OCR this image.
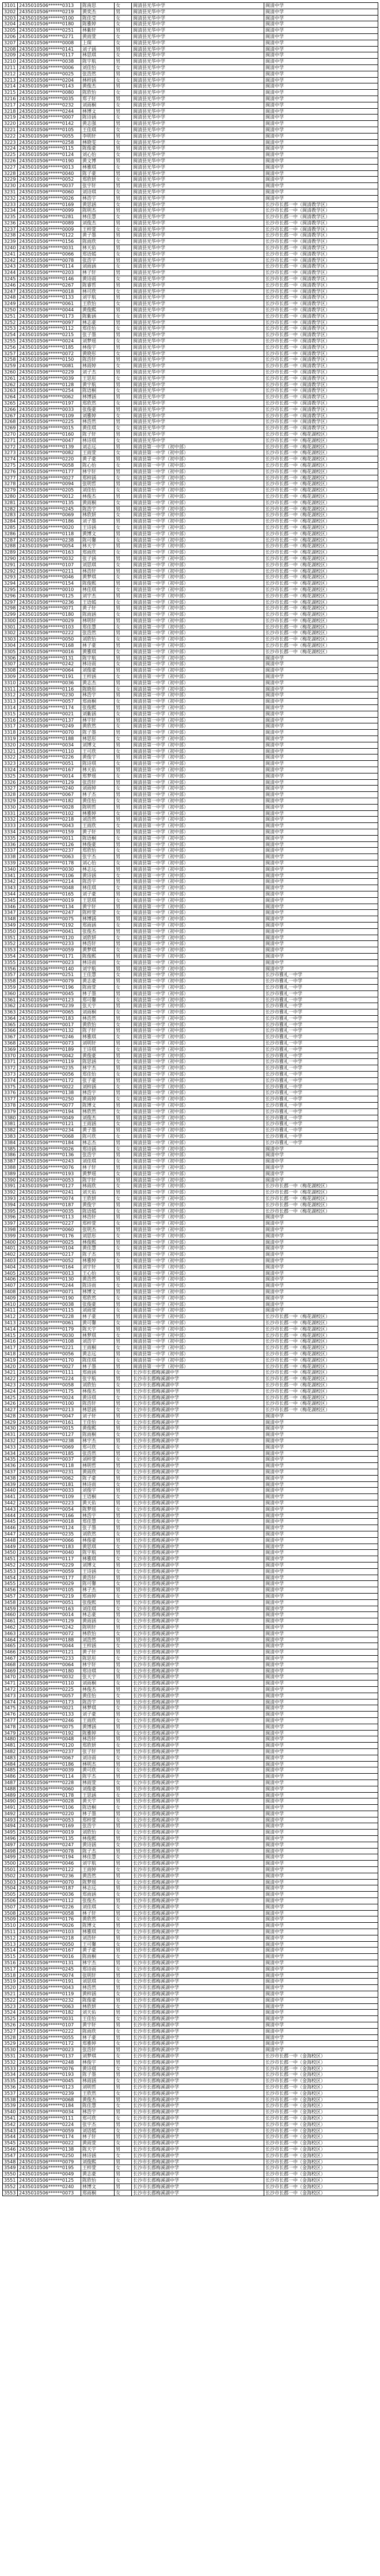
3101	2435010506******0313	陈南思	女	闽清县光华中学	闽清中学
3202	2435010506******0219	黄奕杰	男	闽清县光华中学	闽清中学
3203	2435010506******0100	陈佳莹	女	闽清县光华中学	闽清中学
3204	2435010506******0180	陈雅婷	女	闽清县光华中学	闽清中学
3205	2435010506******0251	林紫轩	男	闽清县光华中学	闽清中学
3206	2435010506******0271	黄雨萱	女	闽清县光华中学	闽清中学
3207	2435010506******0008	上琛	女	闽清县光华中学	闽清中学
3208	2435010506******0141	刘子涵	男	闽清县光华中学	闽清中学
3209	2435010506******0117	林思琪	女	闽清县光华中学	闽清中学
3210	2435010506******0038	陈宇航	男	闽清县光华中学	闽清中学
3211	2435010506******0006	刘佳怡	女	闽清县光华中学	闽清中学
3212	2435010506******0025	张浩然	男	闽清县光华中学	闽清中学
3213	2435010506******0204	林梓涵	女	闽清县光华中学	闽清中学
3214	2435010506******0143	黄俊杰	男	闽清县光华中学	闽清中学
3215	2435010506******0080	陈欣怡	女	闽清县光华中学	闽清中学
3216	2435010506******0035	郑子轩	男	闽清县光华中学	闽清中学
3217	2435010506******0232	刘雨桐	女	闽清县光华中学	闽清中学
3218	2435010506******0244	林博文	男	闽清县光华中学	闽清中学
3219	2435010506******0007	陈诗涵	女	闽清县光华中学	闽清中学
3220	2435010506******0142	黄志强	男	闽清县光华中学	闽清中学
3221	2435010506******0105	王佳琪	女	闽清县光华中学	闽清中学
3222	2435010506******0055	李明轩	男	闽清县光华中学	闽清中学
3223	2435010506******0258	林晓雯	女	闽清县光华中学	闽清中学
3224	2435010506******0115	陈俊豪	男	闽清县光华中学	闽清中学
3225	2435010506******0124	刘心怡	女	闽清县光华中学	闽清中学
3226	2435010506******0190	黄文博	男	闽清县光华中学	闽清中学
3227	2435010506******0013	林雅琪	女	闽清县光华中学	闽清中学
3228	2435010506******0040	陈子豪	男	闽清县光华中学	闽清中学
3229	2435010506******0052	郑欣妍	女	闽清县光华中学	闽清中学
3230	2435010506******0037	张宇轩	男	闽清县光华中学	闽清中学
3231	2435010506******0060	刘诗琪	女	闽清县光华中学	闽清中学
3232	2435010506******0026	林浩宇	男	闽清县光华中学	闽清中学
3233	2435010506******0169	黄思涵	女	闽清县光华中学	长沙市长郡一中（闽清教学区）
3234	2435010506******0099	陈明杰	男	闽清县光华中学	长沙市长郡一中（闽清教学区）
3235	2435010506******0281	林佳慧	女	闽清县光华中学	长沙市长郡一中（闽清教学区）
3236	2435010506******0089	刘俊杰	男	闽清县光华中学	长沙市长郡一中（闽清教学区）
3237	2435010506******0009	王梓萱	女	闽清县光华中学	长沙市长郡一中（闽清教学区）
3238	2435010506******0122	黄子墨	男	闽清县光华中学	长沙市长郡一中（闽清教学区）
3239	2435010506******0156	陈雨欣	女	闽清县光华中学	长沙市长郡一中（闽清教学区）
3240	2435010506******0031	林天佑	男	闽清县光华中学	长沙市长郡一中（闽清教学区）
3241	2435010506******0066	郑语嫣	女	闽清县光华中学	长沙市长郡一中（闽清教学区）
3242	2435010506******0078	张浩宇	男	闽清县光华中学	长沙市长郡一中（闽清教学区）
3243	2435010506******0114	刘雨涵	女	闽清县光华中学	长沙市长郡一中（闽清教学区）
3244	2435010506******0203	林子轩	男	闽清县光华中学	长沙市长郡一中（闽清教学区）
3245	2435010506******0146	黄诗雨	女	闽清县光华中学	长沙市长郡一中（闽清教学区）
3246	2435010506******0267	陈睿哲	男	闽清县光华中学	长沙市长郡一中（闽清教学区）
3247	2435010506******0018	林可欣	女	闽清县光华中学	长沙市长郡一中（闽清教学区）
3248	2435010506******0133	刘宇航	男	闽清县光华中学	长沙市长郡一中（闽清教学区）
3249	2435010506******0061	王欣怡	女	闽清县光华中学	长沙市长郡一中（闽清教学区）
3250	2435010506******0044	黄俊熙	男	闽清县光华中学	长沙市长郡一中（闽清教学区）
3251	2435010506******0173	陈紫涵	女	闽清县光华中学	长沙市长郡一中（闽清教学区）
3252	2435010506******0097	林志豪	男	闽清县光华中学	长沙市长郡一中（闽清教学区）
3253	2435010506******0112	郑佳怡	女	闽清县光华中学	长沙市长郡一中（闽清教学区）
3254	2435010506******0215	张子墨	男	闽清县光华中学	长沙市长郡一中（闽清教学区）
3255	2435010506******0024	刘梦瑶	女	闽清县光华中学	长沙市长郡一中（闽清教学区）
3256	2435010506******0185	林俊宇	男	闽清县光华中学	长沙市长郡一中（闽清教学区）
3257	2435010506******0072	黄晓彤	女	闽清县光华中学	长沙市长郡一中（闽清教学区）
3258	2435010506******0150	陈浩轩	男	闽清县光华中学	长沙市长郡一中（闽清教学区）
3259	2435010506******0081	林雨婷	女	闽清县光华中学	长沙市长郡一中（闽清教学区）
3260	2435010506******0229	刘子杰	男	闽清县光华中学	长沙市长郡一中（闽清教学区）
3261	2435010506******0039	王思彤	女	闽清县光华中学	长沙市长郡一中（闽清教学区）
3262	2435010506******0128	黄宇航	男	闽清县光华中学	长沙市长郡一中（闽清教学区）
3263	2435010506******0254	陈语桐	女	闽清县光华中学	长沙市长郡一中（闽清教学区）
3264	2435010506******0062	林博涵	男	闽清县光华中学	长沙市长郡一中（闽清教学区）
3265	2435010506******0197	郑欣然	女	闽清县光华中学	长沙市长郡一中（闽清教学区）
3266	2435010506******0033	张俊豪	男	闽清县光华中学	长沙市长郡一中（闽清教学区）
3267	2435010506******0109	刘雅婷	女	闽清县光华中学	长沙市长郡一中（闽清教学区）
3268	2435010506******0225	林浩然	男	闽清县光华中学	长沙市长郡一中（闽清教学区）
3269	2435010506******0015	黄佳琪	女	闽清县光华中学	长沙市长郡一中（闽清教学区）
3270	2435010506******0160	陈子轩	男	闽清县光华中学	长沙市长郡一中（梅花湖校区）
3271	2435010506******0047	林诗琪	女	闽清县光华中学	长沙市长郡一中（梅花湖校区）
3272	2435010506******0139	刘志远	男	闽清县第一中学（初中部）	长沙市长郡一中（梅花湖校区）
3273	2435010506******0082	王雨萱	女	闽清县第一中学（初中部）	长沙市长郡一中（梅花湖校区）
3274	2435010506******0220	黄子豪	男	闽清县第一中学（初中部）	长沙市长郡一中（梅花湖校区）
3275	2435010506******0058	陈心怡	女	闽清县第一中学（初中部）	长沙市长郡一中（梅花湖校区）
3276	2435010506******0177	林宇轩	男	闽清县第一中学（初中部）	长沙市长郡一中（梅花湖校区）
3277	2435010506******0027	郑梓涵	女	闽清县第一中学（初中部）	长沙市长郡一中（梅花湖校区）
3278	2435010506******0094	张明哲	男	闽清县第一中学（初中部）	长沙市长郡一中（梅花湖校区）
3279	2435010506******0205	刘佳怡	女	闽清县第一中学（初中部）	长沙市长郡一中（梅花湖校区）
3280	2435010506******0012	林俊杰	男	闽清县第一中学（初中部）	长沙市长郡一中（梅花湖校区）
3281	2435010506******0135	黄雨桐	女	闽清县第一中学（初中部）	长沙市长郡一中（梅花湖校区）
3282	2435010506******0245	陈浩宇	男	闽清县第一中学（初中部）	长沙市长郡一中（梅花湖校区）
3283	2435010506******0069	林欣妍	女	闽清县第一中学（初中部）	长沙市长郡一中（梅花湖校区）
3284	2435010506******0186	刘子墨	男	闽清县第一中学（初中部）	长沙市长郡一中（梅花湖校区）
3285	2435010506******0020	王诗涵	女	闽清县第一中学（初中部）	长沙市长郡一中（梅花湖校区）
3286	2435010506******0118	黄博文	男	闽清县第一中学（初中部）	长沙市长郡一中（梅花湖校区）
3287	2435010506******0238	陈可馨	女	闽清县第一中学（初中部）	长沙市长郡一中（梅花湖校区）
3288	2435010506******0054	林天宇	男	闽清县第一中学（初中部）	长沙市长郡一中（梅花湖校区）
3289	2435010506******0163	郑雨欣	女	闽清县第一中学（初中部）	长沙市长郡一中（梅花湖校区）
3290	2435010506******0032	张子涵	男	闽清县第一中学（初中部）	长沙市长郡一中（梅花湖校区）
3291	2435010506******0107	刘思琪	女	闽清县第一中学（初中部）	长沙市长郡一中（梅花湖校区）
3292	2435010506******0211	林浩轩	男	闽清县第一中学（初中部）	长沙市长郡一中（梅花湖校区）
3293	2435010506******0046	黄梦琪	女	闽清县第一中学（初中部）	长沙市长郡一中（梅花湖校区）
3294	2435010506******0154	陈俊熙	男	闽清县第一中学（初中部）	长沙市长郡一中（梅花湖校区）
3295	2435010506******0010	林佳琪	女	闽清县第一中学（初中部）	长沙市长郡一中（梅花湖校区）
3296	2435010506******0125	刘宇杰	男	闽清县第一中学（初中部）	长沙市长郡一中（梅花湖校区）
3297	2435010506******0236	王语嫣	女	闽清县第一中学（初中部）	长沙市长郡一中（梅花湖校区）
3298	2435010506******0071	黄子轩	男	闽清县第一中学（初中部）	长沙市长郡一中（梅花湖校区）
3299	2435010506******0180	陈雨涵	女	闽清县第一中学（初中部）	长沙市长郡一中（梅花湖校区）
3300	2435010506******0029	林明轩	男	闽清县第一中学（初中部）	长沙市长郡一中（梅花湖校区）
3301	2435010506******0103	郑佳慧	女	闽清县第一中学（初中部）	长沙市长郡一中（梅花湖校区）
3302	2435010506******0222	张浩然	男	闽清县第一中学（初中部）	长沙市长郡一中（梅花湖校区）
3303	2435010506******0050	刘欣怡	女	闽清县第一中学（初中部）	长沙市长郡一中（梅花湖校区）
3304	2435010506******0168	林子豪	男	闽清县第一中学（初中部）	长沙市长郡一中（梅花湖校区）
3305	2435010506******0016	黄雅琪	女	闽清县第一中学（初中部）	长沙市长郡一中（梅花湖校区）
3306	2435010506******0131	陈宇航	男	闽清县第一中学（初中部）	闽清中学
3307	2435010506******0242	林诗雨	女	闽清县第一中学（初中部）	闽清中学
3308	2435010506******0064	刘俊豪	男	闽清县第一中学（初中部）	闽清中学
3309	2435010506******0191	王梓涵	女	闽清县第一中学（初中部）	闽清中学
3310	2435010506******0036	黄志杰	男	闽清县第一中学（初中部）	闽清中学
3311	2435010506******0116	陈晓彤	女	闽清县第一中学（初中部）	闽清中学
3312	2435010506******0230	林浩宇	男	闽清县第一中学（初中部）	闽清中学
3313	2435010506******0057	郑雨桐	女	闽清县第一中学（初中部）	闽清中学
3314	2435010506******0174	张俊熙	男	闽清县第一中学（初中部）	闽清中学
3315	2435010506******0021	刘紫涵	女	闽清县第一中学（初中部）	闽清中学
3316	2435010506******0137	林宇轩	男	闽清县第一中学（初中部）	闽清中学
3317	2435010506******0249	黄欣然	女	闽清县第一中学（初中部）	闽清中学
3318	2435010506******0070	陈子墨	男	闽清县第一中学（初中部）	闽清中学
3319	2435010506******0188	林思彤	女	闽清县第一中学（初中部）	闽清中学
3320	2435010506******0034	刘博文	男	闽清县第一中学（初中部）	闽清中学
3321	2435010506******0110	王可欣	女	闽清县第一中学（初中部）	闽清中学
3322	2435010506******0226	黄俊宇	男	闽清县第一中学（初中部）	闽清中学
3323	2435010506******0051	陈诗琪	女	闽清县第一中学（初中部）	闽清中学
3324	2435010506******0167	林天佑	男	闽清县第一中学（初中部）	闽清中学
3325	2435010506******0014	郑梦瑶	女	闽清县第一中学（初中部）	闽清中学
3326	2435010506******0129	张浩轩	男	闽清县第一中学（初中部）	闽清中学
3327	2435010506******0240	刘雨婷	女	闽清县第一中学（初中部）	闽清中学
3328	2435010506******0067	林子杰	男	闽清县第一中学（初中部）	闽清中学
3329	2435010506******0182	黄佳怡	女	闽清县第一中学（初中部）	闽清中学
3330	2435010506******0028	陈明哲	男	闽清县第一中学（初中部）	闽清中学
3331	2435010506******0102	林雅婷	女	闽清县第一中学（初中部）	闽清中学
3332	2435010506******0218	刘浩然	男	闽清县第一中学（初中部）	闽清中学
3333	2435010506******0043	王雨欣	女	闽清县第一中学（初中部）	闽清中学
3334	2435010506******0159	黄子轩	男	闽清县第一中学（初中部）	闽清中学
3335	2435010506******0011	陈语桐	女	闽清县第一中学（初中部）	闽清中学
3336	2435010506******0126	林俊豪	男	闽清县第一中学（初中部）	闽清中学
3337	2435010506******0237	郑欣怡	女	闽清县第一中学（初中部）	闽清中学
3338	2435010506******0063	张宇杰	男	闽清县第一中学（初中部）	闽清中学
3339	2435010506******0178	刘心怡	女	闽清县第一中学（初中部）	闽清中学
3340	2435010506******0030	林志远	男	闽清县第一中学（初中部）	闽清中学
3341	2435010506******0106	黄诗涵	女	闽清县第一中学（初中部）	闽清中学
3342	2435010506******0214	陈浩宇	男	闽清县第一中学（初中部）	闽清中学
3343	2435010506******0048	林佳琪	女	闽清县第一中学（初中部）	闽清中学
3344	2435010506******0165	刘子豪	男	闽清县第一中学（初中部）	闽清中学
3345	2435010506******0019	王思琪	女	闽清县第一中学（初中部）	闽清中学
3346	2435010506******0134	黄宇轩	男	闽清县第一中学（初中部）	闽清中学
3347	2435010506******0247	陈梓萱	女	闽清县第一中学（初中部）	闽清中学
3348	2435010506******0075	林博涵	男	闽清县第一中学（初中部）	闽清中学
3349	2435010506******0192	郑雨涵	女	闽清县第一中学（初中部）	闽清中学
3350	2435010506******0041	张俊杰	男	闽清县第一中学（初中部）	闽清中学
3351	2435010506******0120	刘欣妍	女	闽清县第一中学（初中部）	闽清中学
3352	2435010506******0233	林浩轩	男	闽清县第一中学（初中部）	闽清中学
3353	2435010506******0059	黄梦琪	女	闽清县第一中学（初中部）	闽清中学
3354	2435010506******0171	陈俊熙	男	闽清县第一中学（初中部）	闽清中学
3355	2435010506******0023	林诗雨	女	闽清县第一中学（初中部）	闽清中学
3356	2435010506******0140	刘宇航	男	闽清县第一中学（初中部）	闽清中学
3357	2435010506******0251	王佳慧	女	闽清县第一中学（初中部）	长沙市雅礼一中学
3358	2435010506******0079	黄志豪	男	闽清县第一中学（初中部）	长沙市雅礼一中学
3359	2435010506******0196	陈雨萱	女	闽清县第一中学（初中部）	长沙市雅礼一中学
3360	2435010506******0045	林子墨	男	闽清县第一中学（初中部）	长沙市雅礼一中学
3361	2435010506******0123	郑可馨	女	闽清县第一中学（初中部）	长沙市雅礼一中学
3362	2435010506******0239	张天宇	男	闽清县第一中学（初中部）	长沙市雅礼一中学
3363	2435010506******0065	刘雨桐	女	闽清县第一中学（初中部）	长沙市雅礼一中学
3364	2435010506******0183	林浩然	男	闽清县第一中学（初中部）	长沙市雅礼一中学
3365	2435010506******0017	黄欣怡	女	闽清县第一中学（初中部）	长沙市雅礼一中学
3366	2435010506******0132	陈子轩	男	闽清县第一中学（初中部）	长沙市雅礼一中学
3367	2435010506******0246	林雅琪	女	闽清县第一中学（初中部）	长沙市雅礼一中学
3368	2435010506******0073	刘明轩	男	闽清县第一中学（初中部）	长沙市雅礼一中学
3369	2435010506******0189	王诗琪	女	闽清县第一中学（初中部）	长沙市雅礼一中学
3370	2435010506******0042	黄俊豪	男	闽清县第一中学（初中部）	长沙市雅礼一中学
3371	2435010506******0119	陈思涵	女	闽清县第一中学（初中部）	长沙市雅礼一中学
3372	2435010506******0235	林宇杰	男	闽清县第一中学（初中部）	长沙市雅礼一中学
3373	2435010506******0056	郑佳怡	女	闽清县第一中学（初中部）	长沙市雅礼一中学
3374	2435010506******0172	张子豪	男	闽清县第一中学（初中部）	长沙市雅礼一中学
3375	2435010506******0022	刘梓涵	女	闽清县第一中学（初中部）	长沙市雅礼一中学
3376	2435010506******0138	林浩宇	男	闽清县第一中学（初中部）	长沙市雅礼一中学
3377	2435010506******0250	黄雨婷	女	闽清县第一中学（初中部）	长沙市雅礼一中学
3378	2435010506******0077	陈博文	男	闽清县第一中学（初中部）	长沙市雅礼一中学
3379	2435010506******0194	林欣然	女	闽清县第一中学（初中部）	长沙市雅礼一中学
3380	2435010506******0049	刘俊杰	男	闽清县第一中学（初中部）	长沙市雅礼一中学
3381	2435010506******0121	王雨涵	女	闽清县第一中学（初中部）	长沙市雅礼一中学
3382	2435010506******0234	黄子墨	男	闽清县第一中学（初中部）	长沙市雅礼一中学
3383	2435010506******0068	陈可欣	女	闽清县第一中学（初中部）	长沙市雅礼一中学
3384	2435010506******0184	林志杰	男	闽清县第一中学（初中部）	长沙市雅礼一中学
3385	2435010506******0026	郑诗涵	女	闽清县第一中学（初中部）	闽清中学
3386	2435010506******0136	张浩宇	男	闽清县第一中学（初中部）	闽清中学
3387	2435010506******0243	刘佳琪	女	闽清县第一中学（初中部）	闽清中学
3388	2435010506******0076	林子轩	男	闽清县第一中学（初中部）	闽清中学
3389	2435010506******0193	黄梦瑶	女	闽清县第一中学（初中部）	闽清中学
3390	2435010506******0053	陈宇轩	男	闽清县第一中学（初中部）	闽清中学
3391	2435010506******0127	林雨欣	女	闽清县第一中学（初中部）	长沙市长郡一中（梅花湖校区）
3392	2435010506******0241	刘天佑	男	闽清县第一中学（初中部）	长沙市长郡一中（梅花湖校区）
3393	2435010506******0074	王欣妍	女	闽清县第一中学（初中部）	长沙市长郡一中（梅花湖校区）
3394	2435010506******0187	黄俊宇	男	闽清县第一中学（初中部）	长沙市长郡一中（梅花湖校区）
3395	2435010506******0035	陈语嫣	女	闽清县第一中学（初中部）	长沙市长郡一中（梅花湖校区）
3396	2435010506******0113	林浩轩	男	闽清县第一中学（初中部）	闽清中学
3397	2435010506******0227	郑梓萱	女	闽清县第一中学（初中部）	闽清中学
3398	2435010506******0060	张明杰	男	闽清县第一中学（初中部）	闽清中学
3399	2435010506******0176	刘思彤	女	闽清县第一中学（初中部）	闽清中学
3400	2435010506******0025	林俊熙	男	闽清县第一中学（初中部）	闽清中学
3401	2435010506******0104	黄佳慧	女	闽清县第一中学（初中部）	闽清中学
3402	2435010506******0217	陈子杰	男	闽清县第一中学（初中部）	闽清中学
3403	2435010506******0052	林雅婷	女	闽清县第一中学（初中部）	闽清中学
3404	2435010506******0164	刘宇轩	男	闽清县第一中学（初中部）	闽清中学
3405	2435010506******0013	王心怡	女	闽清县第一中学（初中部）	闽清中学
3406	2435010506******0130	黄浩然	男	闽清县第一中学（初中部）	闽清中学
3407	2435010506******0244	陈诗雨	女	闽清县第一中学（初中部）	闽清中学
3408	2435010506******0071	林博文	男	闽清县第一中学（初中部）	闽清中学
3409	2435010506******0190	郑欣然	女	闽清县第一中学（初中部）	闽清中学
3410	2435010506******0038	张俊豪	男	闽清县第一中学（初中部）	闽清中学
3411	2435010506******0115	刘雨萱	女	闽清县第一中学（初中部）	闽清中学
3412	2435010506******0228	林子豪	男	闽清县第一中学（初中部）	长沙市长郡一中（梅花湖校区）
3413	2435010506******0061	黄可馨	女	闽清县第一中学（初中部）	长沙市长郡一中（梅花湖校区）
3414	2435010506******0179	陈天宇	男	闽清县第一中学（初中部）	长沙市长郡一中（梅花湖校区）
3415	2435010506******0030	林梦琪	女	闽清县第一中学（初中部）	长沙市长郡一中（梅花湖校区）
3416	2435010506******0108	刘浩宇	男	闽清县第一中学（初中部）	长沙市长郡一中（梅花湖校区）
3417	2435010506******0221	王雨桐	女	闽清县第一中学（初中部）	长沙市长郡一中（梅花湖校区）
3418	2435010506******0056	黄志远	男	闽清县第一中学（初中部）	长沙市长郡一中（梅花湖校区）
3419	2435010506******0170	陈佳琪	女	闽清县第一中学（初中部）	长沙市长郡一中（梅花湖校区）
3420	2435010506******0027	林子墨	男	闽清县第一中学（初中部）	长沙市长郡一中（梅花湖校区）
3421	2435010506******0111	郑雨涵	女	长沙市长郡梅溪湖中学	长沙市长郡一中（梅花湖校区）
3422	2435010506******0224	张宇航	男	长沙市长郡梅溪湖中学	长沙市长郡一中（梅花湖校区）
3423	2435010506******0058	刘欣怡	女	长沙市长郡梅溪湖中学	长沙市长郡一中（梅花湖校区）
3424	2435010506******0175	林俊杰	男	长沙市长郡梅溪湖中学	长沙市长郡一中（梅花湖校区）
3425	2435010506******0024	黄诗琪	女	长沙市长郡梅溪湖中学	长沙市长郡一中（梅花湖校区）
3426	2435010506******0100	陈浩轩	男	长沙市长郡梅溪湖中学	长沙市长郡一中（梅花湖校区）
3427	2435010506******0213	林思涵	女	长沙市长郡梅溪湖中学	长沙市长郡一中（梅花湖校区）
3428	2435010506******0047	刘子轩	男	长沙市长郡梅溪湖中学	闽清中学
3429	2435010506******0161	王佳怡	女	长沙市长郡梅溪湖中学	闽清中学
3430	2435010506******0015	黄俊熙	男	长沙市长郡梅溪湖中学	闽清中学
3431	2435010506******0127	陈雨桐	女	长沙市长郡梅溪湖中学	闽清中学
3432	2435010506******0238	林宇杰	男	长沙市长郡梅溪湖中学	闽清中学
3433	2435010506******0069	郑可欣	女	长沙市长郡梅溪湖中学	闽清中学
3434	2435010506******0185	张浩然	男	长沙市长郡梅溪湖中学	闽清中学
3435	2435010506******0037	刘梓萱	女	长沙市长郡梅溪湖中学	闽清中学
3436	2435010506******0118	林明哲	男	长沙市长郡梅溪湖中学	闽清中学
3437	2435010506******0231	黄雨欣	女	长沙市长郡梅溪湖中学	闽清中学
3438	2435010506******0062	陈子豪	男	长沙市长郡梅溪湖中学	闽清中学
3439	2435010506******0181	林诗雨	女	长沙市长郡梅溪湖中学	闽清中学
3440	2435010506******0033	刘俊宇	男	长沙市长郡梅溪湖中学	闽清中学
3441	2435010506******0109	王语桐	女	长沙市长郡梅溪湖中学	闽清中学
3442	2435010506******0223	黄天佑	男	长沙市长郡梅溪湖中学	闽清中学
3443	2435010506******0054	陈梦瑶	女	长沙市长郡梅溪湖中学	闽清中学
3444	2435010506******0166	林浩宇	男	长沙市长郡梅溪湖中学	闽清中学
3445	2435010506******0018	郑佳慧	女	长沙市长郡梅溪湖中学	闽清中学
3446	2435010506******0124	张子墨	男	长沙市长郡梅溪湖中学	闽清中学
3447	2435010506******0235	刘欣然	女	长沙市长郡梅溪湖中学	闽清中学
3448	2435010506******0066	林俊豪	男	长沙市长郡梅溪湖中学	闽清中学
3449	2435010506******0183	黄思琪	女	长沙市长郡梅溪湖中学	闽清中学
3450	2435010506******0040	陈宇航	男	长沙市长郡梅溪湖中学	闽清中学
3451	2435010506******0117	林雅琪	女	长沙市长郡梅溪湖中学	闽清中学
3452	2435010506******0229	刘博文	男	长沙市长郡梅溪湖中学	闽清中学
3453	2435010506******0059	王诗涵	女	长沙市长郡梅溪湖中学	闽清中学
3454	2435010506******0177	黄浩轩	男	长沙市长郡梅溪湖中学	闽清中学
3455	2435010506******0029	陈可馨	女	长沙市长郡梅溪湖中学	闽清中学
3456	2435010506******0105	林子杰	男	长沙市长郡梅溪湖中学	闽清中学
3457	2435010506******0219	郑雨婷	女	长沙市长郡梅溪湖中学	闽清中学
3458	2435010506******0051	张俊熙	男	长沙市长郡梅溪湖中学	闽清中学
3459	2435010506******0163	刘佳琪	女	长沙市长郡梅溪湖中学	闽清中学
3460	2435010506******0014	林志豪	男	长沙市长郡梅溪湖中学	闽清中学
3461	2435010506******0129	黄雨涵	女	长沙市长郡梅溪湖中学	闽清中学
3462	2435010506******0242	陈明轩	男	长沙市长郡梅溪湖中学	闽清中学
3463	2435010506******0072	林欣怡	女	长沙市长郡梅溪湖中学	闽清中学
3464	2435010506******0188	刘浩然	男	长沙市长郡梅溪湖中学	闽清中学
3465	2435010506******0044	王梓涵	女	长沙市长郡梅溪湖中学	闽清中学
3466	2435010506******0121	黄子轩	男	长沙市长郡梅溪湖中学	闽清中学
3467	2435010506******0233	陈思彤	女	长沙市长郡梅溪湖中学	闽清中学
3468	2435010506******0064	林宇轩	男	长沙市长郡梅溪湖中学	闽清中学
3469	2435010506******0180	郑诗琪	女	长沙市长郡梅溪湖中学	闽清中学
3470	2435010506******0032	张天宇	男	长沙市长郡梅溪湖中学	闽清中学
3471	2435010506******0110	刘雨桐	女	长沙市长郡梅溪湖中学	闽清中学
3472	2435010506******0225	林俊杰	男	长沙市长郡梅溪湖中学	闽清中学
3473	2435010506******0057	黄佳怡	女	长沙市长郡梅溪湖中学	闽清中学
3474	2435010506******0173	陈浩宇	男	长沙市长郡梅溪湖中学	闽清中学
3475	2435010506******0021	林梦琪	女	长沙市长郡梅溪湖中学	闽清中学
3476	2435010506******0133	刘子豪	男	长沙市长郡梅溪湖中学	闽清中学
3477	2435010506******0246	王雨欣	女	长沙市长郡梅溪湖中学	闽清中学
3478	2435010506******0075	黄博涵	男	长沙市长郡梅溪湖中学	闽清中学
3479	2435010506******0192	陈雅婷	女	长沙市长郡梅溪湖中学	闽清中学
3480	2435010506******0048	林浩轩	男	长沙市长郡梅溪湖中学	闽清中学
3481	2435010506******0120	郑欣妍	女	长沙市长郡梅溪湖中学	闽清中学
3482	2435010506******0237	张子轩	男	长沙市长郡梅溪湖中学	闽清中学
3483	2435010506******0067	刘诗雨	女	长沙市长郡梅溪湖中学	闽清中学
3484	2435010506******0186	林明杰	男	长沙市长郡梅溪湖中学	闽清中学
3485	2435010506******0039	黄可欣	女	长沙市长郡梅溪湖中学	闽清中学
3486	2435010506******0114	陈宇杰	男	长沙市长郡梅溪湖中学	闽清中学
3487	2435010506******0228	林雨萱	女	长沙市长郡梅溪湖中学	闽清中学
3488	2435010506******0060	刘俊豪	男	长沙市长郡梅溪湖中学	闽清中学
3489	2435010506******0178	王思涵	女	长沙市长郡梅溪湖中学	闽清中学
3490	2435010506******0028	黄天宇	男	长沙市长郡梅溪湖中学	闽清中学
3491	2435010506******0106	陈语桐	女	长沙市长郡梅溪湖中学	闽清中学
3492	2435010506******0220	林子墨	男	长沙市长郡梅溪湖中学	闽清中学
3493	2435010506******0053	郑梓萱	女	长沙市长郡梅溪湖中学	闽清中学
3494	2435010506******0169	张浩宇	男	长沙市长郡梅溪湖中学	闽清中学
3495	2435010506******0019	刘欣怡	女	长沙市长郡梅溪湖中学	闽清中学
3496	2435010506******0135	林俊熙	男	长沙市长郡梅溪湖中学	闽清中学
3497	2435010506******0247	黄诗涵	女	长沙市长郡梅溪湖中学	闽清中学
3498	2435010506******0078	陈子杰	男	长沙市长郡梅溪湖中学	闽清中学
3499	2435010506******0194	林佳慧	女	长沙市长郡梅溪湖中学	闽清中学
3500	2435010506******0046	刘宇航	男	长沙市长郡梅溪湖中学	闽清中学
3501	2435010506******0122	王雨婷	女	长沙市长郡梅溪湖中学	闽清中学
3502	2435010506******0236	黄浩然	男	长沙市长郡梅溪湖中学	闽清中学
3503	2435010506******0070	陈梦瑶	女	长沙市长郡梅溪湖中学	闽清中学
3504	2435010506******0187	林志远	男	长沙市长郡梅溪湖中学	闽清中学
3505	2435010506******0036	郑雨涵	女	长沙市长郡梅溪湖中学	闽清中学
3506	2435010506******0112	张俊杰	男	长沙市长郡梅溪湖中学	闽清中学
3507	2435010506******0226	刘佳琪	女	长沙市长郡梅溪湖中学	闽清中学
3508	2435010506******0058	林子轩	男	长沙市长郡梅溪湖中学	闽清中学
3509	2435010506******0176	黄欣然	女	长沙市长郡梅溪湖中学	闽清中学
3510	2435010506******0026	陈博文	男	长沙市长郡梅溪湖中学	闽清中学
3511	2435010506******0103	林雅琪	女	长沙市长郡梅溪湖中学	闽清中学
3512	2435010506******0218	刘浩轩	男	长沙市长郡梅溪湖中学	闽清中学
3513	2435010506******0050	王可馨	女	长沙市长郡梅溪湖中学	闽清中学
3514	2435010506******0167	黄子豪	男	长沙市长郡梅溪湖中学	闽清中学
3515	2435010506******0016	陈雨桐	女	长沙市长郡梅溪湖中学	闽清中学
3516	2435010506******0131	林宇杰	男	长沙市长郡梅溪湖中学	闽清中学
3517	2435010506******0245	郑诗雨	女	长沙市长郡梅溪湖中学	闽清中学
3518	2435010506******0074	张明轩	男	长沙市长郡梅溪湖中学	闽清中学
3519	2435010506******0191	刘思琪	女	长沙市长郡梅溪湖中学	闽清中学
3520	2435010506******0043	林浩然	男	长沙市长郡梅溪湖中学	闽清中学
3521	2435010506******0119	黄梓涵	女	长沙市长郡梅溪湖中学	闽清中学
3522	2435010506******0232	陈俊豪	男	长沙市长郡梅溪湖中学	闽清中学
3523	2435010506******0063	林欣妍	女	长沙市长郡梅溪湖中学	闽清中学
3524	2435010506******0182	刘天佑	男	长沙市长郡梅溪湖中学	闽清中学
3525	2435010506******0031	王佳怡	女	长沙市长郡梅溪湖中学	闽清中学
3526	2435010506******0107	黄宇轩	男	长沙市长郡梅溪湖中学	闽清中学
3527	2435010506******0222	陈雨欣	女	长沙市长郡梅溪湖中学	闽清中学
3528	2435010506******0055	林子豪	男	长沙市长郡梅溪湖中学	闽清中学
3529	2435010506******0172	郑雅婷	女	长沙市长郡梅溪湖中学	闽清中学
3530	2435010506******0023	张浩轩	男	长沙市长郡梅溪湖中学	闽清中学
3531	2435010506******0137	刘梦琪	女	长沙市长郡梅溪湖中学	长沙市长郡一中（金海校区）
3532	2435010506******0248	林俊宇	男	长沙市长郡梅溪湖中学	长沙市长郡一中（金海校区）
3533	2435010506******0076	黄诗琪	女	长沙市长郡梅溪湖中学	长沙市长郡一中（金海校区）
3534	2435010506******0193	陈子墨	男	长沙市长郡梅溪湖中学	长沙市长郡一中（金海校区）
3535	2435010506******0045	林雨涵	女	长沙市长郡梅溪湖中学	长沙市长郡一中（金海校区）
3536	2435010506******0123	刘明哲	男	长沙市长郡梅溪湖中学	长沙市长郡一中（金海校区）
3537	2435010506******0239	王欣然	女	长沙市长郡梅溪湖中学	长沙市长郡一中（金海校区）
3538	2435010506******0068	黄俊杰	男	长沙市长郡梅溪湖中学	长沙市长郡一中（金海校区）
3539	2435010506******0184	陈佳慧	女	长沙市长郡梅溪湖中学	长沙市长郡一中（金海校区）
3540	2435010506******0034	林浩宇	男	长沙市长郡梅溪湖中学	长沙市长郡一中（金海校区）
3541	2435010506******0111	郑可欣	女	长沙市长郡梅溪湖中学	长沙市长郡一中（金海校区）
3542	2435010506******0224	张宇杰	男	长沙市长郡梅溪湖中学	长沙市长郡一中（金海校区）
3543	2435010506******0059	刘语嫣	女	长沙市长郡梅溪湖中学	长沙市长郡一中（金海校区）
3544	2435010506******0174	林子轩	男	长沙市长郡梅溪湖中学	长沙市长郡一中（金海校区）
3545	2435010506******0022	黄雨萱	女	长沙市长郡梅溪湖中学	长沙市长郡一中（金海校区）
3546	2435010506******0138	陈天宇	男	长沙市长郡梅溪湖中学	长沙市长郡一中（金海校区）
3547	2435010506******0250	林诗涵	女	长沙市长郡梅溪湖中学	长沙市长郡一中（金海校区）
3548	2435010506******0079	刘俊熙	男	长沙市长郡梅溪湖中学	长沙市长郡一中（金海校区）
3549	2435010506******0195	王梓萱	女	长沙市长郡梅溪湖中学	长沙市长郡一中（金海校区）
3550	2435010506******0049	黄志豪	男	长沙市长郡梅溪湖中学	长沙市长郡一中（金海校区）
3551	2435010506******0125	陈欣怡	女	长沙市长郡梅溪湖中学	长沙市长郡一中（金海校区）
3552	2435010506******0240	林博文	男	长沙市长郡梅溪湖中学	长沙市长郡一中（金海校区）
3553	2435010506******0073	郑雨桐	女	长沙市长郡梅溪湖中学	长沙市长郡一中（金海校区）
